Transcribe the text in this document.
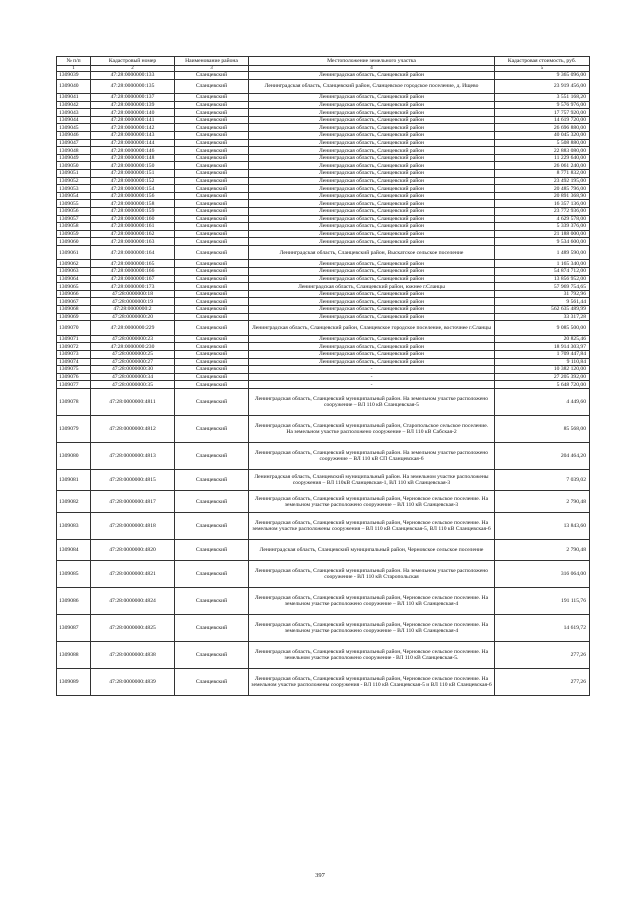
№ п/п	Кадастровый номер	Наименование района	Местоположение земельного участка	Кадастровая стоимость, руб.
1	2	3	4	5
1309039	47:28:0000000:133	Сланцевский	Ленинградская область, Сланцевский район	9 365 096,00
1309040	47:28:0000000:135	Сланцевский	Ленинградская область, Сланцевский район, Сланцевское городское поселение, д. Ищево	23 919 456,00
1309041	47:28:0000000:137	Сланцевский	Ленинградская область, Сланцевский район	3 551 168,20
1309042	47:28:0000000:139	Сланцевский	Ленинградская область, Сланцевский район	9 576 976,00
1309043	47:28:0000000:140	Сланцевский	Ленинградская область, Сланцевский район	17 757 920,00
1309044	47:28:0000000:141	Сланцевский	Ленинградская область, Сланцевский район	14 619 720,00
1309045	47:28:0000000:142	Сланцевский	Ленинградская область, Сланцевский район	26 696 880,00
1309046	47:28:0000000:143	Сланцевский	Ленинградская область, Сланцевский район	40 045 320,00
1309047	47:28:0000000:144	Сланцевский	Ленинградская область, Сланцевский район	5 508 880,00
1309048	47:28:0000000:146	Сланцевский	Ленинградская область, Сланцевский район	22 883 080,00
1309049	47:28:0000000:148	Сланцевский	Ленинградская область, Сланцевский район	11 229 640,00
1309050	47:28:0000000:150	Сланцевский	Ленинградская область, Сланцевский район	26 061 240,00
1309051	47:28:0000000:151	Сланцевский	Ленинградская область, Сланцевский район	8 771 832,00
1309052	47:28:0000000:152	Сланцевский	Ленинградская область, Сланцевский район	23 492 195,00
1309053	47:28:0000000:154	Сланцевский	Ленинградская область, Сланцевский район	20 485 796,00
1309054	47:28:0000000:156	Сланцевский	Ленинградская область, Сланцевский район	20 891 368,90
1309055	47:28:0000000:158	Сланцевский	Ленинградская область, Сланцевский район	16 357 136,00
1309056	47:28:0000000:159	Сланцевский	Ленинградская область, Сланцевский район	23 772 936,00
1309057	47:28:0000000:160	Сланцевский	Ленинградская область, Сланцевский район	4 629 578,00
1309058	47:28:0000000:161	Сланцевский	Ленинградская область, Сланцевский район	5 339 376,00
1309059	47:28:0000000:162	Сланцевский	Ленинградская область, Сланцевский район	21 188 000,00
1309060	47:28:0000000:163	Сланцевский	Ленинградская область, Сланцевский район	9 534 600,00
1309061	47:28:0000000:164	Сланцевский	Ленинградская область, Сланцевский район, Выскатское сельское поселение	1 489 590,00
1309062	47:28:0000000:165	Сланцевский	Ленинградская область, Сланцевский район	1 165 340,00
1309063	47:28:0000000:166	Сланцевский	Ленинградская область, Сланцевский район	54 874 712,00
1309064	47:28:0000000:167	Сланцевский	Ленинградская область, Сланцевский район	13 856 952,00
1309065	47:28:0000000:173	Сланцевский	Ленинградская область, Сланцевский район, южнее г.Сланцы	57 969 754,65
1309066	47:28:0000000:18	Сланцевский	Ленинградская область, Сланцевский район	31 792,96
1309067	47:28:0000000:19	Сланцевский	Ленинградская область, Сланцевский район	9 561,44
1309068	47:28:0000000:2	Сланцевский	Ленинградская область, Сланцевский район	562 635 489,99
1309069	47:28:0000000:20	Сланцевский	Ленинградская область, Сланцевский район	33 317,28
1309070	47:28:0000000:229	Сланцевский	Ленинградская область, Сланцевский район, Сланцевское городское поселение, восточнее г.Сланцы	9 085 500,00
1309071	47:28:0000000:23	Сланцевский	Ленинградская область, Сланцевский район	20 825,46
1309072	47:28:0000000:230	Сланцевский	Ленинградская область, Сланцевский район	18 914 303,97
1309073	47:28:0000000:25	Сланцевский	Ленинградская область, Сланцевский район	1 709 447,84
1309074	47:28:0000000:27	Сланцевский	Ленинградская область, Сланцевский район	9 110,84
1309075	47:28:0000000:30	Сланцевский	-	10 382 120,00
1309076	47:28:0000000:34	Сланцевский	-	27 205 392,00
1309077	47:28:0000000:35	Сланцевский	-	5 648 720,00
1309078	47:28:0000000:4811	Сланцевский	Ленинградская область, Сланцевский муниципальный район. На земельном участке расположено сооружение – ВЛ 110 кВ Сланцевская-5	4 449,60
1309079	47:28:0000000:4812	Сланцевский	Ленинградская область, Сланцевский муниципальный район, Старопольское сельское поселение. На земельном участке расположено сооружение – ВЛ 110 кВ Сабская-2	85 568,00
1309080	47:28:0000000:4813	Сланцевский	Ленинградская область, Сланцевский муниципальный район. На земельном участке расположено сооружение – ВЛ 110 кВ СП Сланцевская-6	204 464,20
1309081	47:28:0000000:4815	Сланцевский	Ленинградская область, Сланцевский муниципальный район. На земельном участке расположены сооружения – ВЛ 110кВ Сланцевская-1, ВЛ 110 кВ Сланцевская-3	7 039,02
1309082	47:28:0000000:4817	Сланцевский	Ленинградская область, Сланцевский муниципальный район, Черновское сельское поселение. На земельном участке расположено сооружение – ВЛ 110 кВ Сланцевская-3	2 790,48
1309083	47:28:0000000:4818	Сланцевский	Ленинградская область, Сланцевский муниципальный район, Черновское сельское поселение. На земельном участке расположены сооружения – ВЛ 110 кВ Сланцевская-5, ВЛ 110 кВ Сланцевская-6	13 843,60
1309084	47:28:0000000:4820	Сланцевский	Ленинградская область, Сланцевский муниципальный район, Черновское сельское поселение	2 790,48
1309085	47:28:0000000:4821	Сланцевский	Ленинградская область, Сланцевский муниципальный район. На земельном участке расположено сооружение - ВЛ 110 кВ Старопольская	316 064,00
1309086	47:28:0000000:4824	Сланцевский	Ленинградская область, Сланцевский муниципальный район, Черновское сельское поселение. На земельном участке расположено сооружение – ВЛ 110 кВ Сланцевская-4	191 115,76
1309087	47:28:0000000:4825	Сланцевский	Ленинградская область, Сланцевский муниципальный район, Черновское сельское поселение. На земельном участке расположено сооружение – ВЛ 110 кВ Сланцевская-4	14 619,72
1309088	47:28:0000000:4838	Сланцевский	Ленинградская область, Сланцевский муниципальный район, Черновское сельское поселение. На земельном участке расположено сооружение - ВЛ 110 кВ Сланцевская-5.	277,26
1309089	47:28:0000000:4839	Сланцевский	Ленинградская область, Сланцевский муниципальный район, Черновское сельское поселение. На земельном участке расположены сооружения - ВЛ 110 кВ Сланцевская-5 и ВЛ 110 кВ Сланцевская-6	277,26
397
